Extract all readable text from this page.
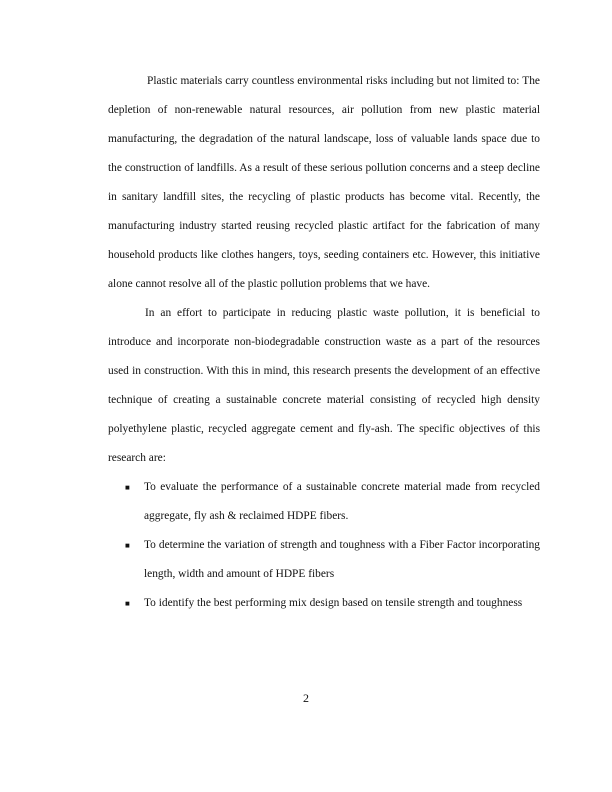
Plastic materials carry countless environmental risks including but not limited to: The depletion of non-renewable natural resources, air pollution from new plastic material manufacturing, the degradation of the natural landscape, loss of valuable lands space due to the construction of landfills. As a result of these serious pollution concerns and a steep decline in sanitary landfill sites, the recycling of plastic products has become vital. Recently, the manufacturing industry started reusing recycled plastic artifact for the fabrication of many household products like clothes hangers, toys, seeding containers etc. However, this initiative alone cannot resolve all of the plastic pollution problems that we have.

In an effort to participate in reducing plastic waste pollution, it is beneficial to introduce and incorporate non-biodegradable construction waste as a part of the resources used in construction. With this in mind, this research presents the development of an effective technique of creating a sustainable concrete material consisting of recycled high density polyethylene plastic, recycled aggregate cement and fly-ash. The specific objectives of this research are:

■ To evaluate the performance of a sustainable concrete material made from recycled aggregate, fly ash & reclaimed HDPE fibers.
■ To determine the variation of strength and toughness with a Fiber Factor incorporating length, width and amount of HDPE fibers
■ To identify the best performing mix design based on tensile strength and toughness
2
